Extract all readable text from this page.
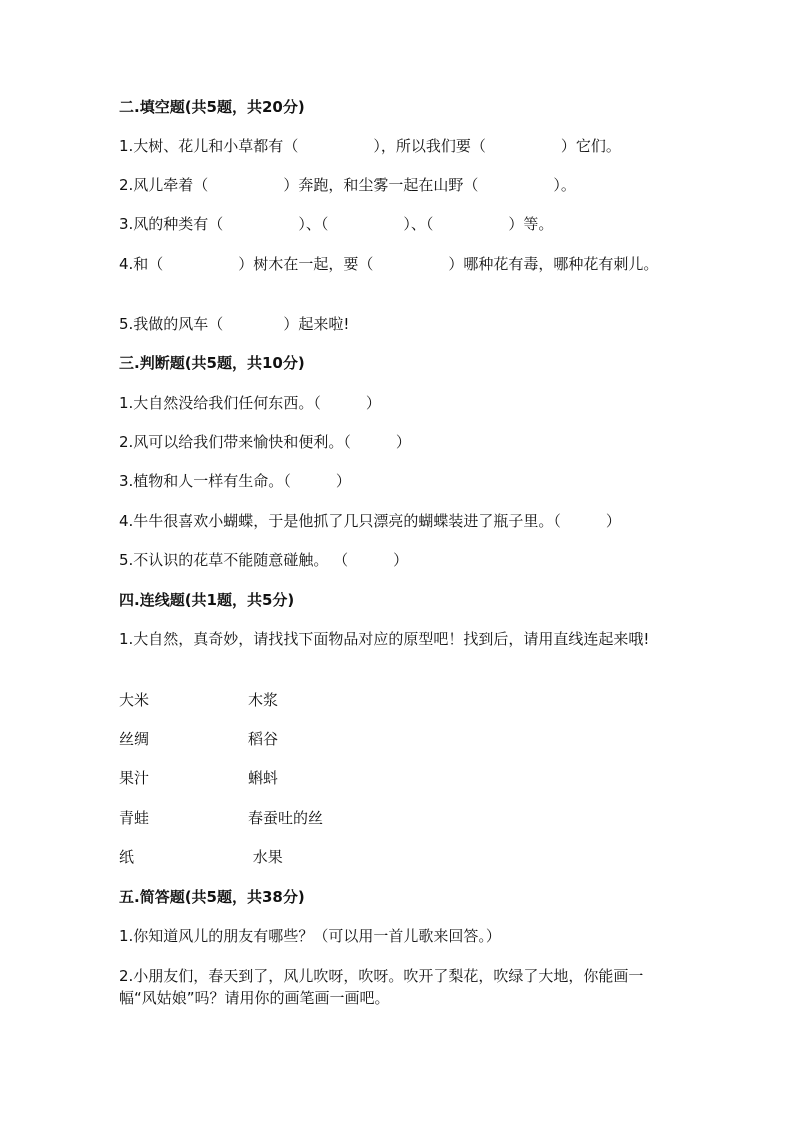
二.填空题(共5题，共20分)
1.大树、花儿和小草都有（　　　　　），所以我们要（　　　　　）它们。
2.风儿牵着（　　　　　）奔跑，和尘雾一起在山野（　　　　　）。
3.风的种类有（　　　　　）、（　　　　　）、（　　　　　）等。
4.和（　　　　　）树木在一起，要（　　　　　）哪种花有毒，哪种花有刺儿。
5.我做的风车（　　　　）起来啦!
三.判断题(共5题，共10分)
1.大自然没给我们任何东西。（　　　）
2.风可以给我们带来愉快和便利。（　　　）
3.植物和人一样有生命。（　　　）
4.牛牛很喜欢小蝴蝶，于是他抓了几只漂亮的蝴蝶装进了瓶子里。（　　　）
5.不认识的花草不能随意碰触。 （　　　）
四.连线题(共1题，共5分)
1.大自然，真奇妙，请找找下面物品对应的原型吧！找到后，请用直线连起来哦!
大米	木浆
丝绸	稻谷
果汁	蝌蚪
青蛙	春蚕吐的丝
纸	水果
五.简答题(共5题，共38分)
1.你知道风儿的朋友有哪些？（可以用一首儿歌来回答。）
2.小朋友们，春天到了，风儿吹呀，吹呀。吹开了梨花，吹绿了大地，你能画一幅“风姑娘”吗？请用你的画笔画一画吧。
